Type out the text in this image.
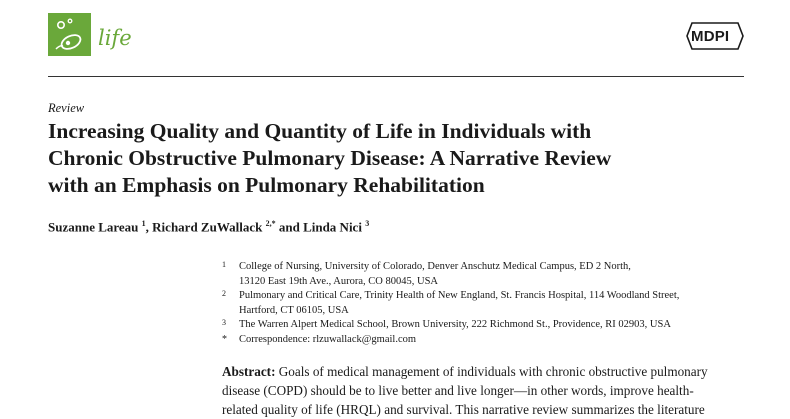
life	MDPI
Review
Increasing Quality and Quantity of Life in Individuals with
Chronic Obstructive Pulmonary Disease: A Narrative Review
with an Emphasis on Pulmonary Rehabilitation
Suzanne Lareau $^1$, Richard ZuWallack $^{2,*}$ and Linda Nici $^3$
1 College of Nursing, University of Colorado, Denver Anschutz Medical Campus, ED 2 North,
13120 East 19th Ave., Aurora, CO 80045, USA
2 Pulmonary and Critical Care, Trinity Health of New England, St. Francis Hospital, 114 Woodland Street,
Hartford, CT 06105, USA
3 The Warren Alpert Medical School, Brown University, 222 Richmond St., Providence, RI 02903, USA
* Correspondence: rlzuwallack@gmail.com
Abstract: Goals of medical management of individuals with chronic obstructive pulmonary
disease (COPD) should be to live better and live longer—in other words, improve health-
related quality of life (HRQL) and survival. This narrative review summarizes the literature
